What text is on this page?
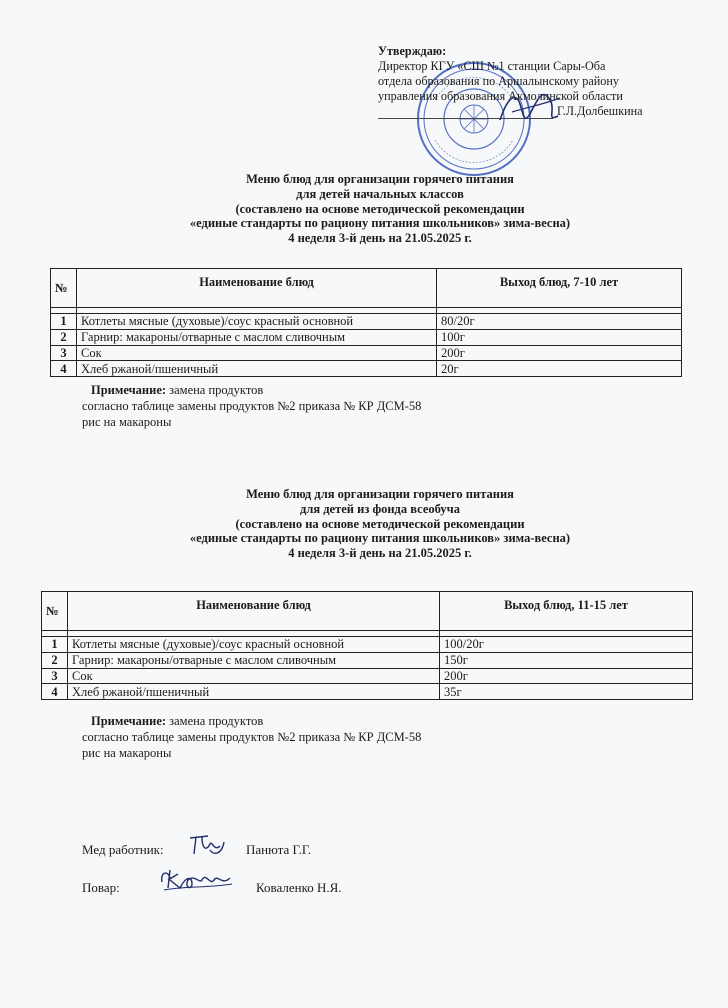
Утверждаю:
Директор КГУ «СШ №1 станции Сары-Оба
отдела образования по Аршалынскому району
управления образования Акмолинской области
Г.Л.Долбешкина
Меню блюд для организации горячего питания
для детей начальных классов
(составлено на основе методической рекомендации
«единые стандарты по рациону питания школьников» зима-весна)
4 неделя 3-й день на 21.05.2025 г.
№	Наименование блюд	Выход блюд, 7-10 лет

1	Котлеты мясные (духовые)/соус красный основной	80/20г
2	Гарнир: макароны/отварные с маслом сливочным	100г
3	Сок	200г
4	Хлеб ржаной/пшеничный	20г
Примечание: замена продуктов
согласно таблице замены продуктов №2 приказа № КР ДСМ-58
рис на макароны
Меню блюд для организации горячего питания
для детей из фонда всеобуча
(составлено на основе методической рекомендации
«единые стандарты по рациону питания школьников» зима-весна)
4 неделя 3-й день на 21.05.2025 г.
№	Наименование блюд	Выход блюд, 11-15 лет

1	Котлеты мясные (духовые)/соус красный основной	100/20г
2	Гарнир: макароны/отварные с маслом сливочным	150г
3	Сок	200г
4	Хлеб ржаной/пшеничный	35г
Примечание: замена продуктов
согласно таблице замены продуктов №2 приказа № КР ДСМ-58
рис на макароны
Мед работник:	Панюта Г.Г.
Повар:	Коваленко Н.Я.
